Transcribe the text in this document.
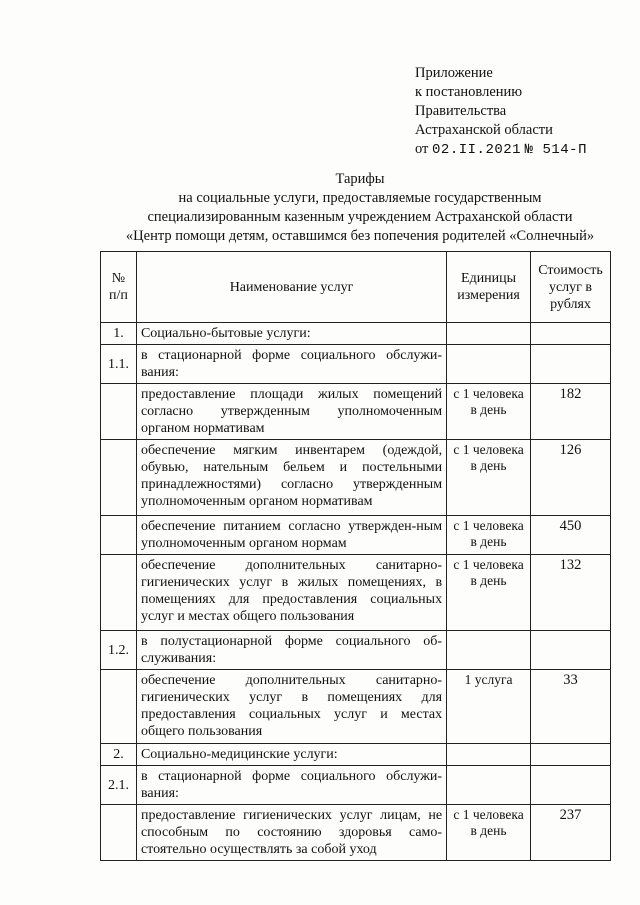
Приложение
к постановлению
Правительства
Астраханской области
от 02.II.2021 № 514-П
Тарифы
на социальные услуги, предоставляемые государственным
специализированным казенным учреждением Астраханской области
«Центр помощи детям, оставшимся без попечения родителей «Солнечный»
№ п/п	Наименование услуг	Единицы измерения	Стоимость услуг в рублях
1.	Социально-бытовые услуги:		
1.1.	в стационарной форме социального обслужи-вания:		
	предоставление площади жилых помещений согласно утвержденным уполномоченным органом нормативам	с 1 человека в день	182
	обеспечение мягким инвентарем (одеждой, обувью, нательным бельем и постельными принадлежностями) согласно утвержденным уполномоченным органом нормативам	с 1 человека в день	126
	обеспечение питанием согласно утвержден-ным уполномоченным органом нормам	с 1 человека в день	450
	обеспечение дополнительных санитарно-гигиенических услуг в жилых помещениях, в помещениях для предоставления социальных услуг и местах общего пользования	с 1 человека в день	132
1.2.	в полустационарной форме социального об-служивания:		
	обеспечение дополнительных санитарно-гигиенических услуг в помещениях для предоставления социальных услуг и местах общего пользования	1 услуга	33
2.	Социально-медицинские услуги:		
2.1.	в стационарной форме социального обслужи-вания:		
	предоставление гигиенических услуг лицам, не способным по состоянию здоровья само-стоятельно осуществлять за собой уход	с 1 человека в день	237
